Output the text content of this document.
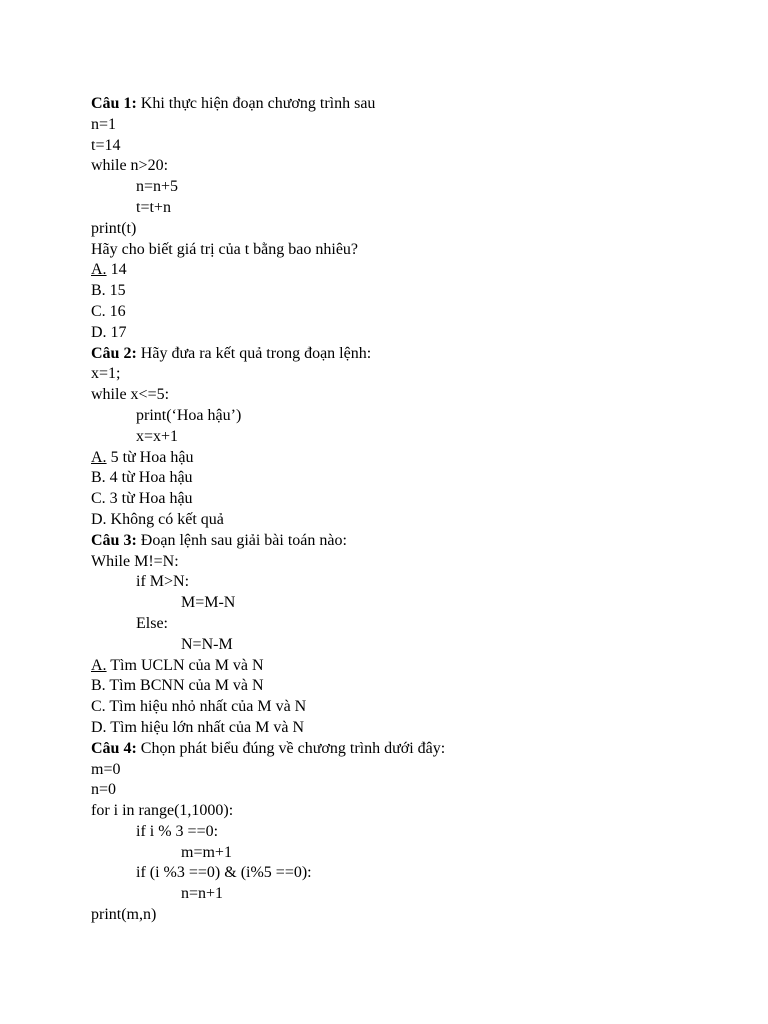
Câu 1: Khi thực hiện đoạn chương trình sau
n=1
t=14
while n>20:
n=n+5
t=t+n
print(t)
Hãy cho biết giá trị của t bằng bao nhiêu?
A. 14
B. 15
C. 16
D. 17
Câu 2: Hãy đưa ra kết quả trong đoạn lệnh:
x=1;
while x<=5:
print(‘Hoa hậu’)
x=x+1
A. 5 từ Hoa hậu
B. 4 từ Hoa hậu
C. 3 từ Hoa hậu
D. Không có kết quả
Câu 3: Đoạn lệnh sau giải bài toán nào:
While M!=N:
if M>N:
M=M-N
Else:
N=N-M
A. Tìm UCLN của M và N
B. Tìm BCNN của M và N
C. Tìm hiệu nhỏ nhất của M và N
D. Tìm hiệu lớn nhất của M và N
Câu 4: Chọn phát biểu đúng về chương trình dưới đây:
m=0
n=0
for i in range(1,1000):
if i % 3 ==0:
m=m+1
if (i %3 ==0) & (i%5 ==0):
n=n+1
print(m,n)
